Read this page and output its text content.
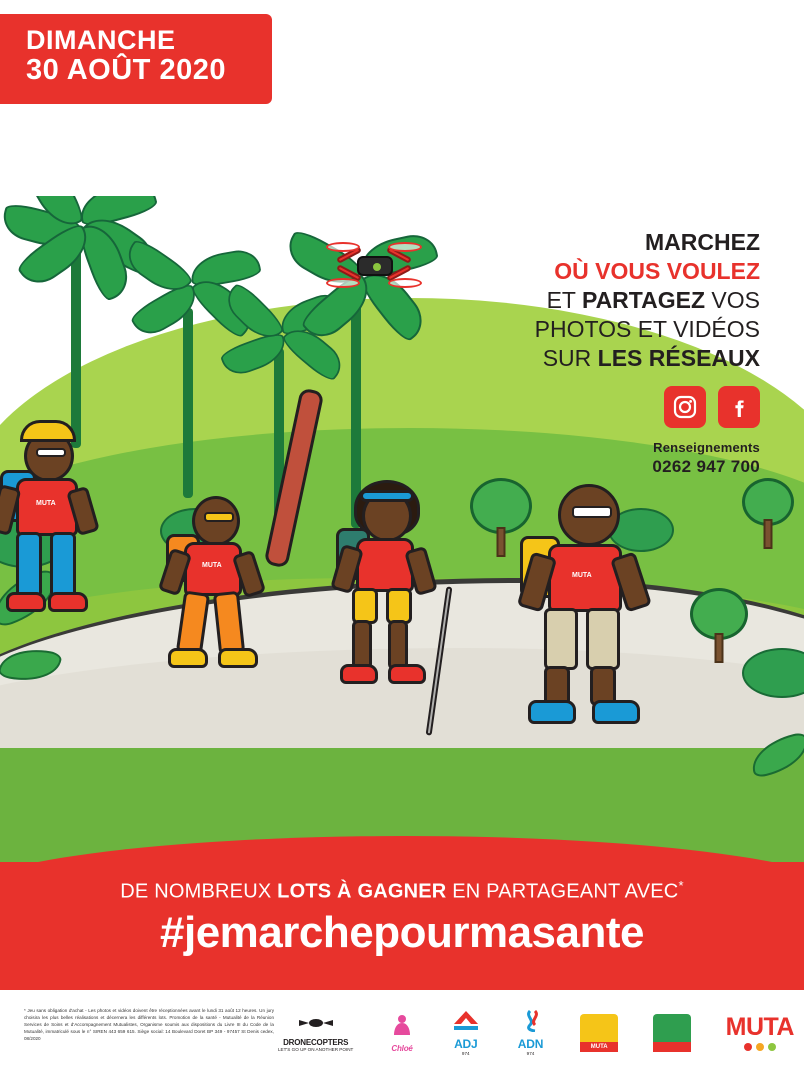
MUTA
MUTA
MUTA
DIMANCHE
30 AOÛT 2020
MARCHEZ
OÙ VOUS VOULEZ
ET PARTAGEZ VOS
PHOTOS ET VIDÉOS
SUR LES RÉSEAUX
Renseignements
0262 947 700
DE NOMBREUX LOTS À GAGNER EN PARTAGEANT AVEC*
#jemarchepourmasante
* Jeu sans obligation d'achat - Les photos et vidéos doivent être réceptionnées avant le lundi 31 août 12 heures. Un jury choisira les plus belles réalisations et décernera les différents lots. Promotion de la santé - Mutualité de la Réunion Services de Soins et d'Accompagnement Mutualistes, Organisme soumis aux dispositions du Livre III du Code de la Mutualité, immatriculé sous le n° SIREN 443 659 615. Siège social: 14 Boulevard Doret BP 349 - 97457 St Denis cedex, 08/2020	DRONECOPTERS
LET'S GO UP ON ANOTHER POINT	Chloé	ADJ
974
ADN
974
MUTA
MUTA
